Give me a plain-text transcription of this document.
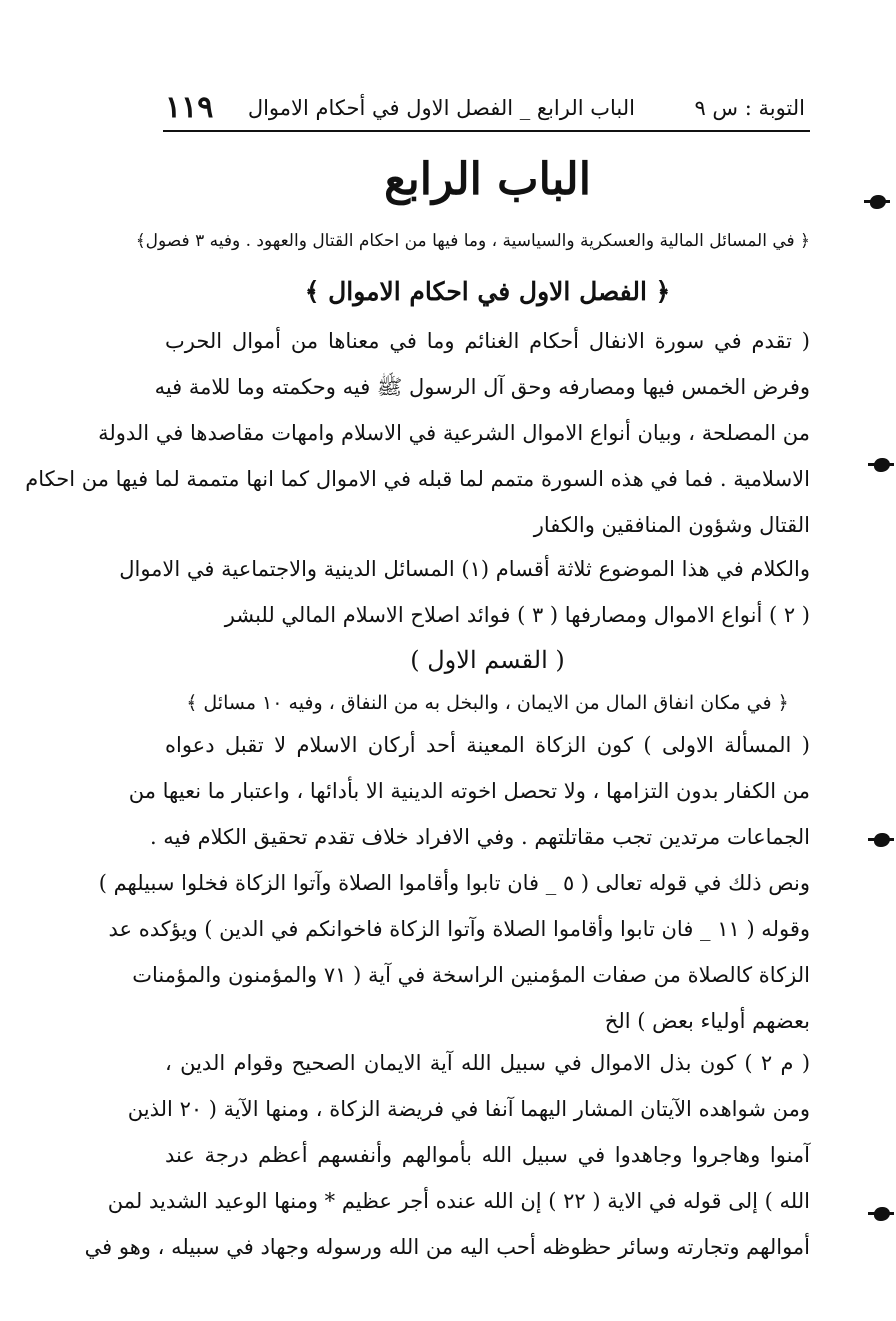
التوبة : س ٩
الباب الرابع _ الفصل الاول في أحكام الاموال
١١٩
الباب الرابع
﴿ في المسائل المالية والعسكرية والسياسية ، وما فيها من احكام القتال والعهود . وفيه ٣ فصول﴾
﴿ الفصل الاول في احكام الاموال ﴾
( تقدم في سورة الانفال أحكام الغنائم وما في معناها من أموال الحرب
وفرض الخمس فيها ومصارفه وحق آل الرسول ﷺ فيه وحكمته وما للامة فيه
من المصلحة ، وبيان أنواع الاموال الشرعية في الاسلام وامهات مقاصدها في الدولة
الاسلامية . فما في هذه السورة متمم لما قبله في الاموال كما انها متممة لما فيها من احكام
القتال وشؤون المنافقين والكفار
والكلام في هذا الموضوع ثلاثة أقسام (١) المسائل الدينية والاجتماعية في الاموال
( ٢ ) أنواع الاموال ومصارفها ( ٣ ) فوائد اصلاح الاسلام المالي للبشر
( القسم الاول )
﴿ في مكان انفاق المال من الايمان ، والبخل به من النفاق ، وفيه ١٠ مسائل ﴾
( المسألة الاولى ) كون الزكاة المعينة أحد أركان الاسلام لا تقبل دعواه
من الكفار بدون التزامها ، ولا تحصل اخوته الدينية الا بأدائها ، واعتبار ما نعيها من
الجماعات مرتدين تجب مقاتلتهم . وفي الافراد خلاف تقدم تحقيق الكلام فيه .
ونص ذلك في قوله تعالى ( ٥ _ فان تابوا وأقاموا الصلاة وآتوا الزكاة فخلوا سبيلهم )
وقوله ( ١١ _ فان تابوا وأقاموا الصلاة وآتوا الزكاة فاخوانكم في الدين ) ويؤكده عد
الزكاة كالصلاة من صفات المؤمنين الراسخة في آية ( ٧١ والمؤمنون والمؤمنات
بعضهم أولياء بعض ) الخ
( م ٢ ) كون بذل الاموال في سبيل الله آية الايمان الصحيح وقوام الدين ،
ومن شواهده الآيتان المشار اليهما آنفا في فريضة الزكاة ، ومنها الآية ( ٢٠ الذين
آمنوا وهاجروا وجاهدوا في سبيل الله بأموالهم وأنفسهم أعظم درجة عند
الله ) إلى قوله في الاية ( ٢٢ ) إن الله عنده أجر عظيم * ومنها الوعيد الشديد لمن
أموالهم وتجارته وسائر حظوظه أحب اليه من الله ورسوله وجهاد في سبيله ، وهو في
